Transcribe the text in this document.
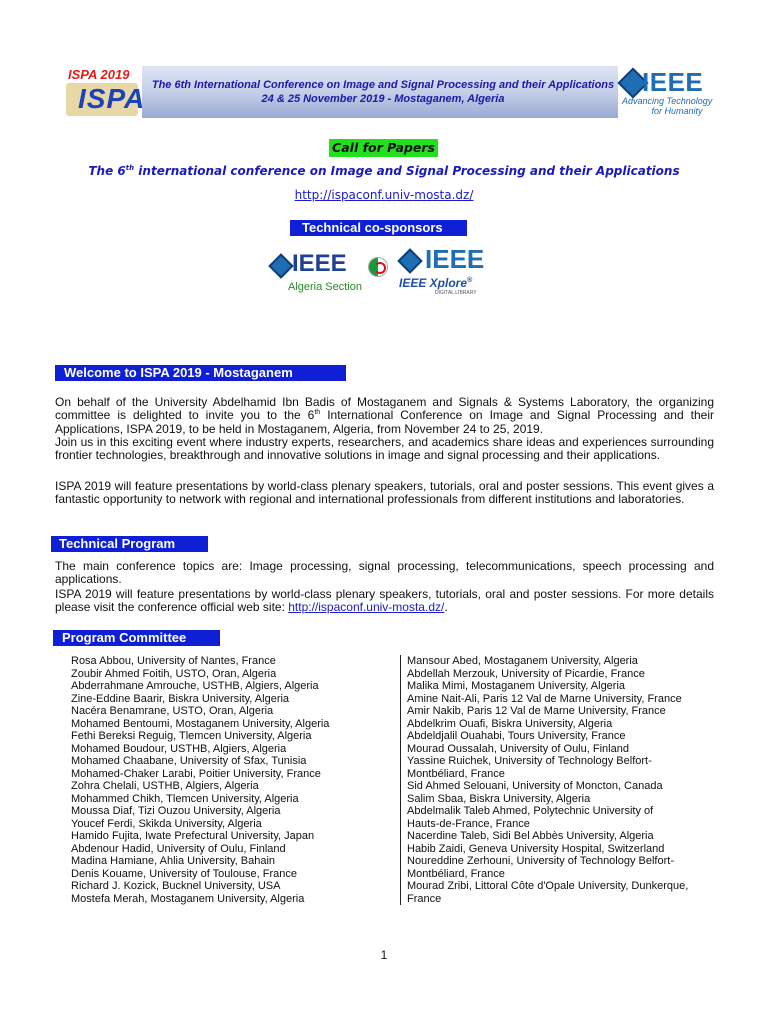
ISPA 2019
ISPA The 6th International Conference on Image and Signal Processing and their Applications
24 & 25 November 2019 - Mostaganem, Algeria
IEEE
Advancing Technology
for Humanity
Call for Papers
The 6th international conference on Image and Signal Processing and their Applications
http://ispaconf.univ-mosta.dz/
Technical co-sponsors
IEEE
Algeria Section
IEEE
IEEE Xplore®
DIGITAL LIBRARY
Welcome to ISPA 2019 - Mostaganem
On behalf of the University Abdelhamid Ibn Badis of Mostaganem and Signals & Systems Laboratory, the organizing committee is delighted to invite you to the 6th International Conference on Image and Signal Processing and their Applications, ISPA 2019, to be held in Mostaganem, Algeria, from November 24 to 25, 2019.
Join us in this exciting event where industry experts, researchers, and academics share ideas and experiences surrounding frontier technologies, breakthrough and innovative solutions in image and signal processing and their applications.
ISPA 2019 will feature presentations by world-class plenary speakers, tutorials, oral and poster sessions. This event gives a fantastic opportunity to network with regional and international professionals from different institutions and laboratories.
Technical Program
The main conference topics are: Image processing, signal processing, telecommunications, speech processing and applications.
ISPA 2019 will feature presentations by world-class plenary speakers, tutorials, oral and poster sessions. For more details please visit the conference official web site: http://ispaconf.univ-mosta.dz/.
Program Committee
Rosa Abbou, University of Nantes, France
Zoubir Ahmed Foitih, USTO, Oran, Algeria
Abderrahmane Amrouche, USTHB, Algiers, Algeria
Zine-Eddine Baarir, Biskra University, Algeria
Nacéra Benamrane, USTO, Oran, Algeria
Mohamed Bentoumi, Mostaganem University, Algeria
Fethi Bereksi Reguig, Tlemcen University, Algeria
Mohamed Boudour, USTHB, Algiers, Algeria
Mohamed Chaabane, University of Sfax, Tunisia
Mohamed-Chaker Larabi, Poitier University, France
Zohra Chelali, USTHB, Algiers, Algeria
Mohammed Chikh, Tlemcen University, Algeria
Moussa Diaf, Tizi Ouzou University, Algeria
Youcef Ferdi, Skikda University, Algeria
Hamido Fujita, Iwate Prefectural University, Japan
Abdenour Hadid, University of Oulu, Finland
Madina Hamiane, Ahlia University, Bahain
Denis Kouame, University of Toulouse, France
Richard J. Kozick, Bucknel University, USA
Mostefa Merah, Mostaganem University, Algeria
Mansour Abed, Mostaganem University, Algeria
Abdellah Merzouk, University of Picardie, France
Malika Mimi, Mostaganem University, Algeria
Amine Nait-Ali, Paris 12 Val de Marne University, France
Amir Nakib, Paris 12 Val de Marne University, France
Abdelkrim Ouafi, Biskra University, Algeria
Abdeldjalil Ouahabi, Tours University, France
Mourad Oussalah, University of Oulu, Finland
Yassine Ruichek, University of Technology Belfort-
Montbéliard, France
Sid Ahmed Selouani, University of Moncton, Canada
Salim Sbaa, Biskra University, Algeria
Abdelmalik Taleb Ahmed, Polytechnic University of
Hauts-de-France, France
Nacerdine Taleb, Sidi Bel Abbès University, Algeria
Habib Zaidi, Geneva University Hospital, Switzerland
Noureddine Zerhouni, University of Technology Belfort-
Montbéliard, France
Mourad Zribi, Littoral Côte d'Opale University, Dunkerque,
France
1
